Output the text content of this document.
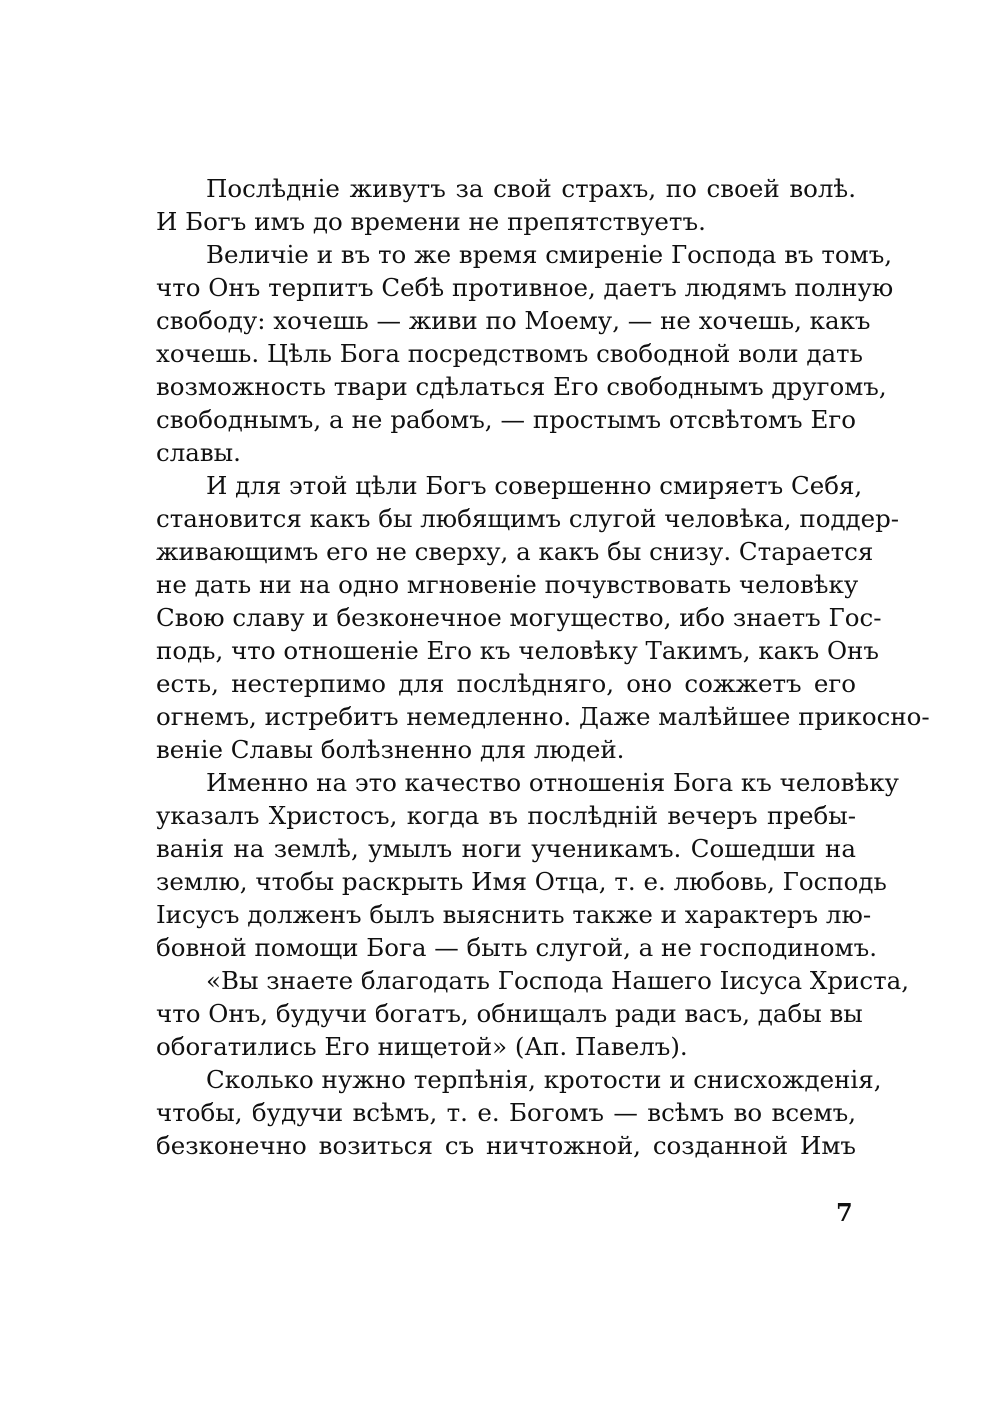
Послѣдніе живутъ за свой страхъ, по своей волѣ.
И Богъ имъ до времени не препятствуетъ.
Величіе и въ то же время смиреніе Господа въ томъ,
что Онъ терпитъ Себѣ противное, даетъ людямъ полную
свободу: хочешь — живи по Моему, — не хочешь, какъ
хочешь. Цѣль Бога посредствомъ свободной воли дать
возможность твари сдѣлаться Его свободнымъ другомъ,
свободнымъ, а не рабомъ, — простымъ отсвѣтомъ Его
славы.
И для этой цѣли Богъ совершенно смиряетъ Себя,
становится какъ бы любящимъ слугой человѣка, поддер-
живающимъ его не сверху, а какъ бы снизу. Старается
не дать ни на одно мгновеніе почувствовать человѣку
Свою славу и безконечное могущество, ибо знаетъ Гос-
подь, что отношеніе Его къ человѣку Такимъ, какъ Онъ
есть, нестерпимо для послѣдняго, оно сожжетъ его
огнемъ, истребитъ немедленно. Даже малѣйшее прикосно-
веніе Славы болѣзненно для людей.
Именно на это качество отношенія Бога къ человѣку
указалъ Христосъ, когда въ послѣдній вечеръ пребы-
ванія на землѣ, умылъ ноги ученикамъ. Сошедши на
землю, чтобы раскрыть Имя Отца, т. е. любовь, Господь
Іисусъ долженъ былъ выяснить также и характеръ лю-
бовной помощи Бога — быть слугой, а не господиномъ.
«Вы знаете благодать Господа Нашего Іисуса Христа,
что Онъ, будучи богатъ, обнищалъ ради васъ, дабы вы
обогатились Его нищетой» (Ап. Павелъ).
Сколько нужно терпѣнія, кротости и снисхожденія,
чтобы, будучи всѣмъ, т. е. Богомъ — всѣмъ во всемъ,
безконечно возиться съ ничтожной, созданной Имъ
7
